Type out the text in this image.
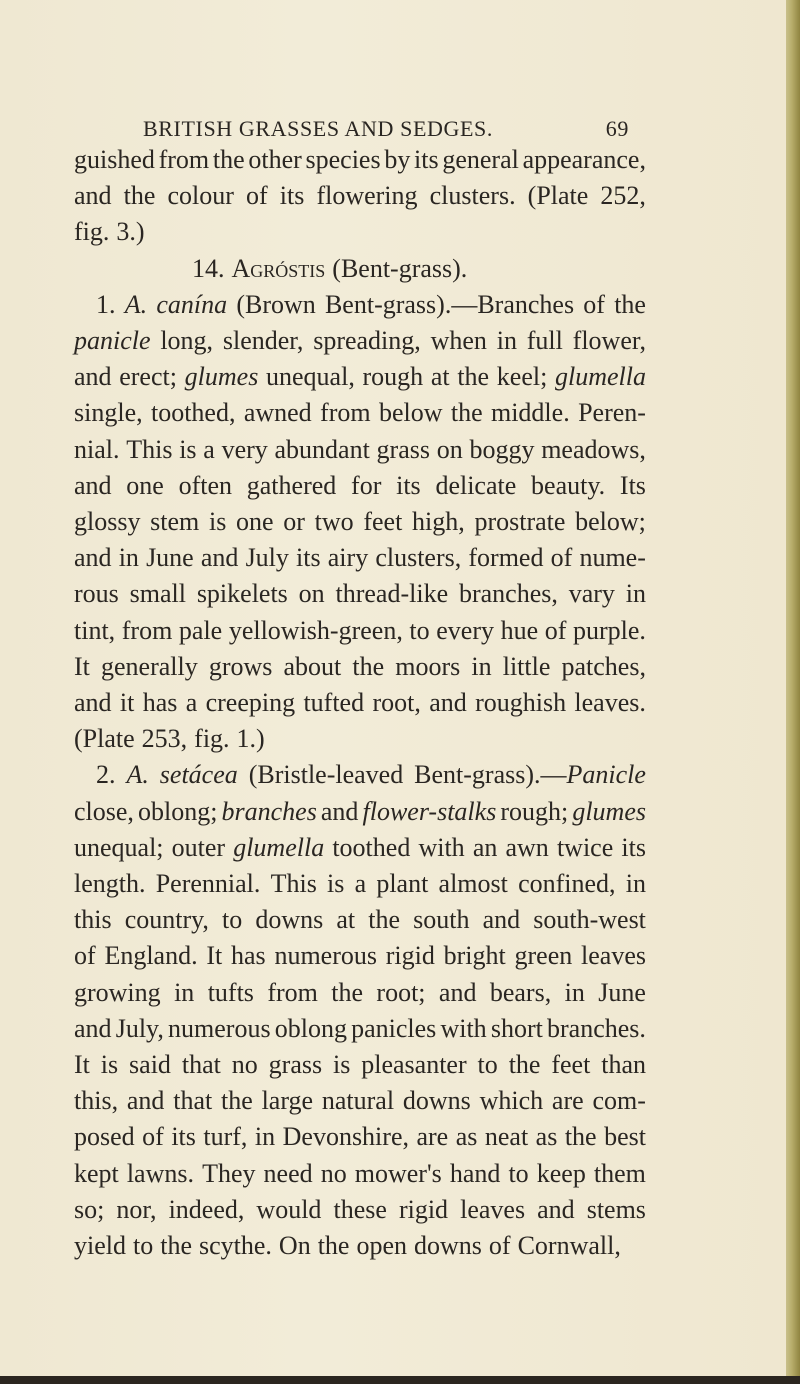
BRITISH GRASSES AND SEDGES.	69
guished from the other species by its general appearance,
and the colour of its flowering clusters. (Plate 252,
fig. 3.)
14. Agróstis (Bent-grass).
1. A. canína (Brown Bent-grass).—Branches of the
panicle long, slender, spreading, when in full flower,
and erect; glumes unequal, rough at the keel; glumella
single, toothed, awned from below the middle. Peren-
nial. This is a very abundant grass on boggy meadows,
and one often gathered for its delicate beauty. Its
glossy stem is one or two feet high, prostrate below;
and in June and July its airy clusters, formed of nume-
rous small spikelets on thread-like branches, vary in
tint, from pale yellowish-green, to every hue of purple.
It generally grows about the moors in little patches,
and it has a creeping tufted root, and roughish leaves.
(Plate 253, fig. 1.)
2. A. setácea (Bristle-leaved Bent-grass).—Panicle
close, oblong; branches and flower-stalks rough; glumes
unequal; outer glumella toothed with an awn twice its
length. Perennial. This is a plant almost confined, in
this country, to downs at the south and south-west
of England. It has numerous rigid bright green leaves
growing in tufts from the root; and bears, in June
and July, numerous oblong panicles with short branches.
It is said that no grass is pleasanter to the feet than
this, and that the large natural downs which are com-
posed of its turf, in Devonshire, are as neat as the best
kept lawns. They need no mower's hand to keep them
so; nor, indeed, would these rigid leaves and stems
yield to the scythe. On the open downs of Cornwall,
